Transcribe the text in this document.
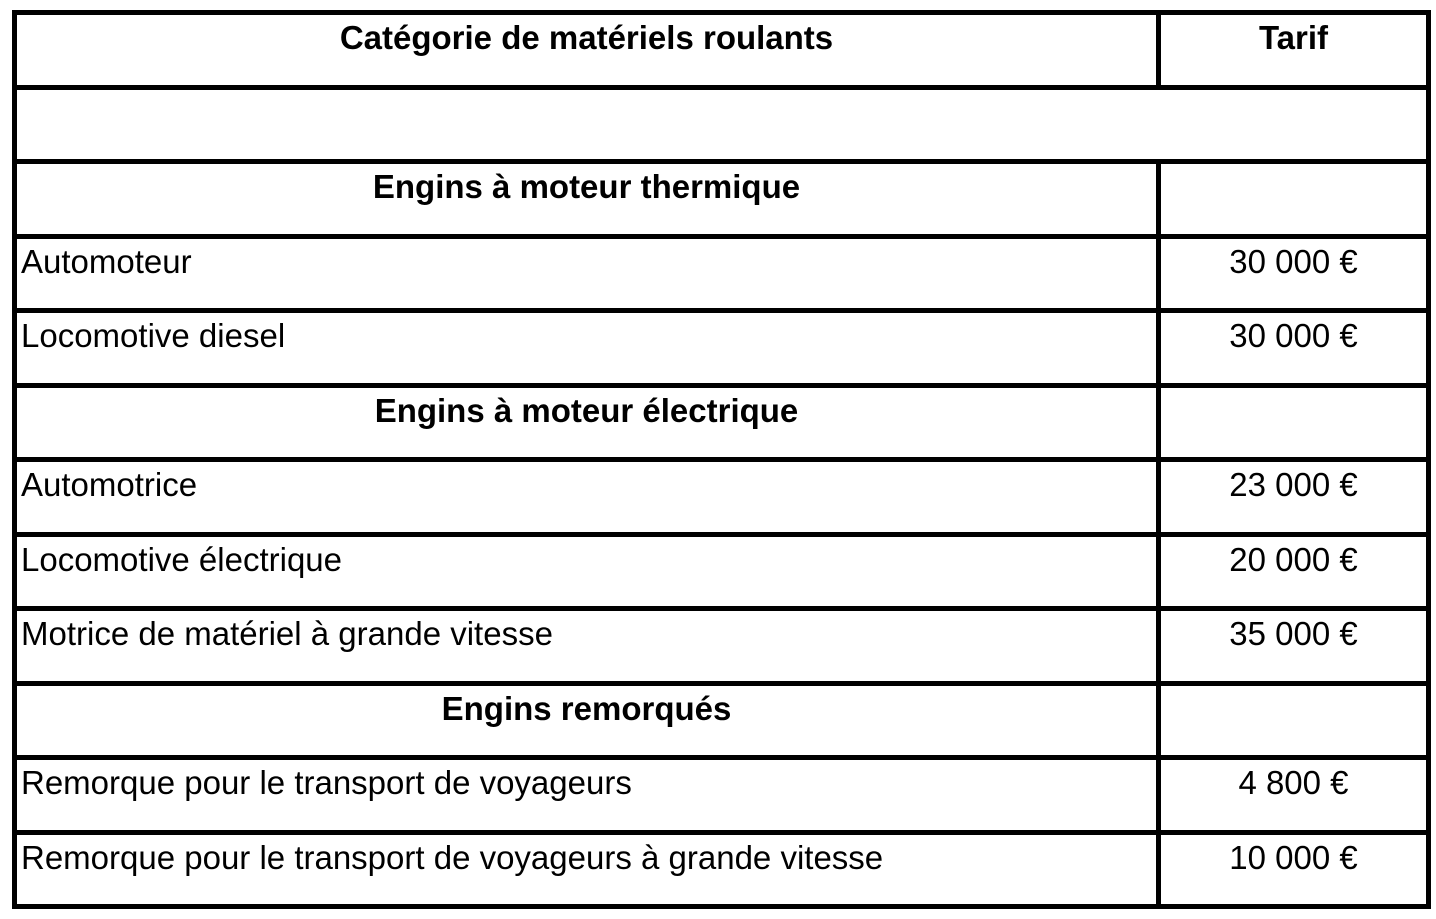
Catégorie de matériels roulants	Tarif

Engins à moteur thermique	

Automoteur	30 000 €

Locomotive diesel	30 000 €

Engins à moteur électrique	

Automotrice	23 000 €

Locomotive électrique	20 000 €

Motrice de matériel à grande vitesse	35 000 €

Engins remorqués	

Remorque pour le transport de voyageurs	4 800 €

Remorque pour le transport de voyageurs à grande vitesse	10 000 €
